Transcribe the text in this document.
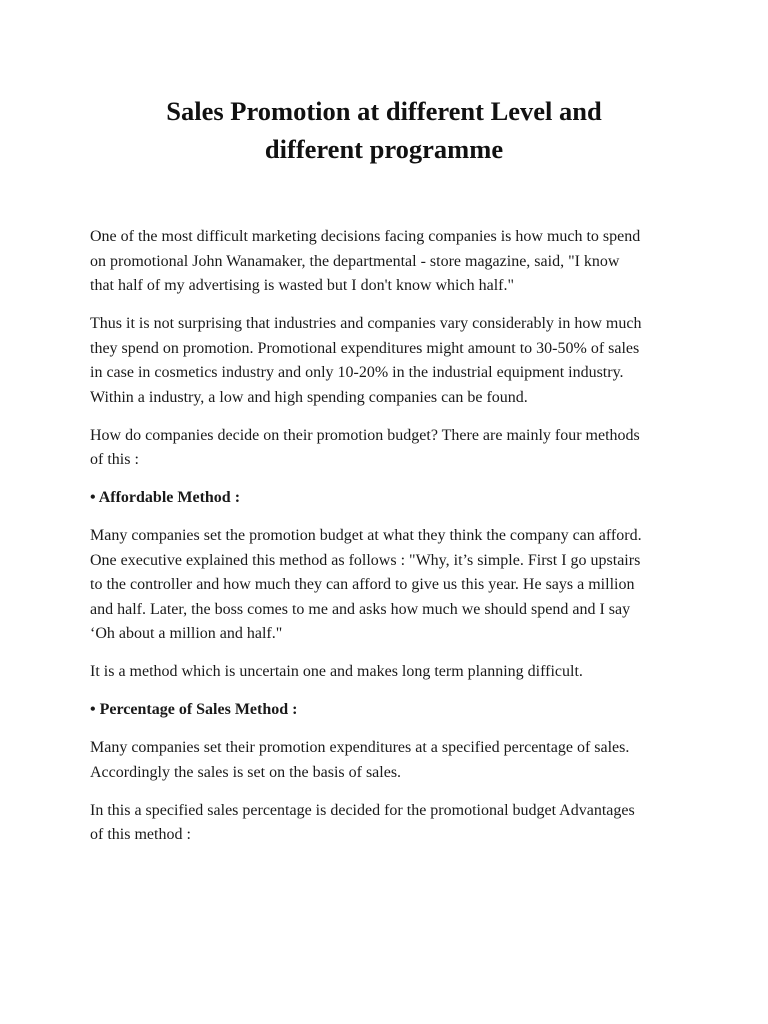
Sales Promotion at different Level and
different programme

One of the most difficult marketing decisions facing companies is how much to spend
on promotional John Wanamaker, the departmental - store magazine, said, "I know
that half of my advertising is wasted but I don't know which half."

Thus it is not surprising that industries and companies vary considerably in how much
they spend on promotion. Promotional expenditures might amount to 30-50% of sales
in case in cosmetics industry and only 10-20% in the industrial equipment industry.
Within a industry, a low and high spending companies can be found.

How do companies decide on their promotion budget? There are mainly four methods
of this :

• Affordable Method :

Many companies set the promotion budget at what they think the company can afford.
One executive explained this method as follows : "Why, it’s simple. First I go upstairs
to the controller and how much they can afford to give us this year. He says a million
and half. Later, the boss comes to me and asks how much we should spend and I say
‘Oh about a million and half."

It is a method which is uncertain one and makes long term planning difficult.

• Percentage of Sales Method :

Many companies set their promotion expenditures at a specified percentage of sales.
Accordingly the sales is set on the basis of sales.

In this a specified sales percentage is decided for the promotional budget Advantages
of this method :
